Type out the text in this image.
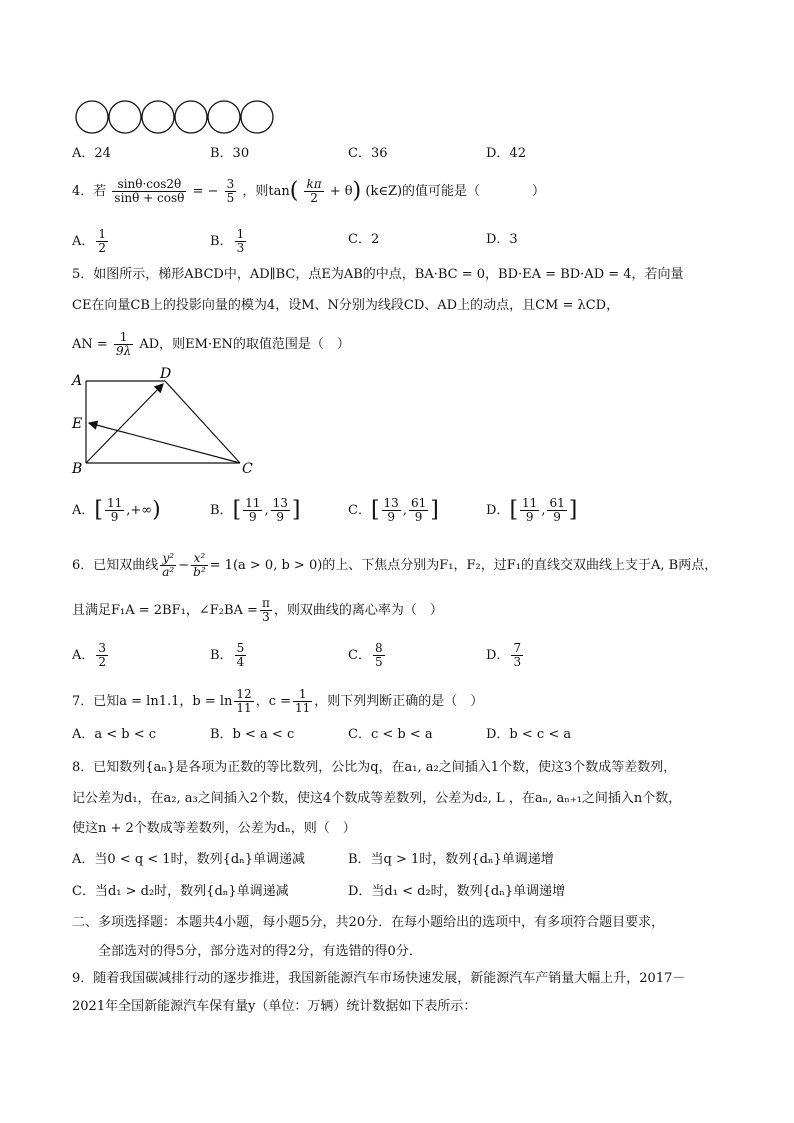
A．24	B．30	C．36	D．42
4．若 $\frac{\sin\theta\cdot\cos 2\theta}{\sin\theta + \cos\theta}$ = − $\frac{3}{5}$ ，则$\tan( \frac{k\pi}{2} + \theta)$ (k∈Z)的值可能是（　　　　）
A． $\frac{1}{2}$	B． $\frac{1}{3}$	C．2	D．3
5．如图所示，梯形ABCD中，AD∥BC，点E为AB的中点，BA·BC = 0，BD·EA = BD·AD = 4，若向量
CE在向量CB上的投影向量的模为4，设M、N分别为线段CD、AD上的动点，且CM = λCD，
AN = $\frac{1}{9\lambda}$ AD，则EM·EN的取值范围是（　）
A
E
B
D
C
A．[ $\frac{11}{9}$ ,+∞)	B．[ $\frac{11}{9}$ , $\frac{13}{9}$ ]	C．[ $\frac{13}{9}$ , $\frac{61}{9}$ ]	D．[ $\frac{11}{9}$ , $\frac{61}{9}$ ]
6．已知双曲线 $\frac{\text{y²}}{\text{a²}} - \frac{\text{x²}}{\text{b²}} = 1(a > 0$, b > 0)的上、下焦点分别为F₁，F₂，过F₁的直线交双曲线上支于A, B两点，
且满足F₁A = 2BF₁，∠F₂BA = $\frac{\pi}{3}$ ，则双曲线的离心率为（　）
A． $\frac{3}{2}$	B． $\frac{5}{4}$	C． $\frac{8}{5}$	D． $\frac{7}{3}$
7．已知a = ln1.1，$b = \ln \frac{12}{11}$ ，$c = \frac{1}{11}$ ，则下列判断正确的是（　）
A．a < b < c	B．b < a < c	C．c < b < a	D．b < c < a
8．已知数列{aₙ}是各项为正数的等比数列，公比为q，在a₁, a₂之间插入1个数，使这3个数成等差数列，
记公差为d₁，在a₂, a₃之间插入2个数，使这4个数成等差数列，公差为d₂, L ，在aₙ, aₙ₊₁之间插入n个数，
使这n + 2个数成等差数列，公差为dₙ，则（　）
A．当0 < q < 1时，数列{dₙ}单调递减	B．当q > 1时，数列{dₙ}单调递增
C．当d₁ > d₂时，数列{dₙ}单调递减	D．当d₁ < d₂时，数列{dₙ}单调递增
二、多项选择题：本题共4小题，每小题5分，共20分．在每小题给出的选项中，有多项符合题目要求，
全部选对的得5分，部分选对的得2分，有选错的得0分．
9．随着我国碳减排行动的逐步推进，我国新能源汽车市场快速发展，新能源汽车产销量大幅上升，2017－
2021年全国新能源汽车保有量y（单位：万辆）统计数据如下表所示：
